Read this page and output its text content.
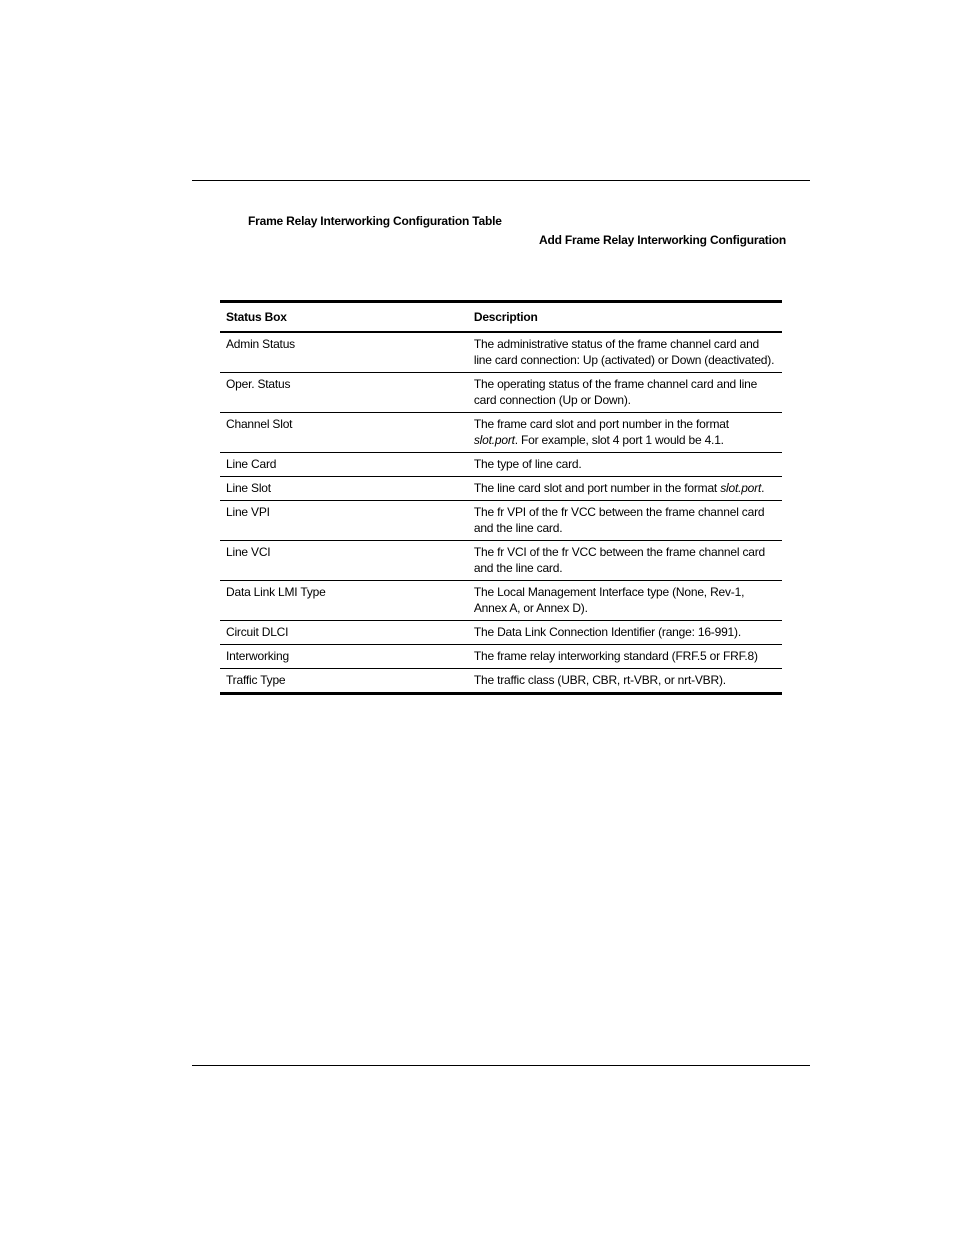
Frame Relay Interworking Configuration Table
Add Frame Relay Interworking Configuration
Status Box	Description
Admin Status	The administrative status of the frame channel card and line card connection: Up (activated) or Down (deactivated).
Oper. Status	The operating status of the frame channel card and line card connection (Up or Down).
Channel Slot	The frame card slot and port number in the format slot.port. For example, slot 4 port 1 would be 4.1.
Line Card	The type of line card.
Line Slot	The line card slot and port number in the format slot.port.
Line VPI	The fr VPI of the fr VCC between the frame channel card and the line card.
Line VCI	The fr VCI of the fr VCC between the frame channel card and the line card.
Data Link LMI Type	The Local Management Interface type (None, Rev-1, Annex A, or Annex D).
Circuit DLCI	The Data Link Connection Identifier (range: 16-991).
Interworking	The frame relay interworking standard (FRF.5 or FRF.8)
Traffic Type	The traffic class (UBR, CBR, rt-VBR, or nrt-VBR).
